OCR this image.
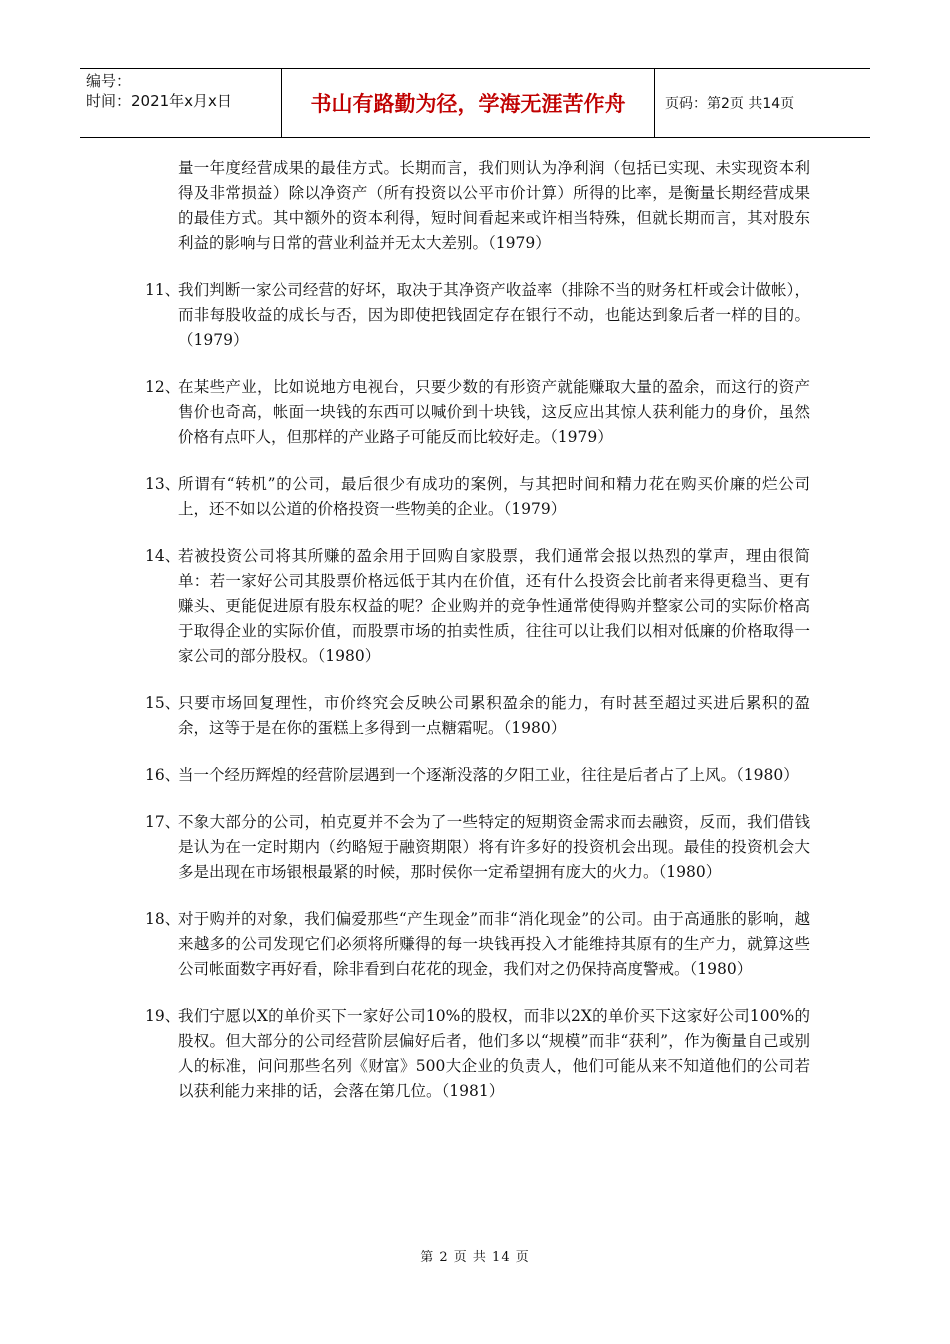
编号：
时间：2021年x月x日	书山有路勤为径，学海无涯苦作舟	页码：第2页 共14页
量一年度经营成果的最佳方式。长期而言，我们则认为净利润（包括已实现、未实现资本利得及非常损益）除以净资产（所有投资以公平市价计算）所得的比率，是衡量长期经营成果的最佳方式。其中额外的资本利得，短时间看起来或许相当特殊，但就长期而言，其对股东利益的影响与日常的营业利益并无太大差别。（1979）
11、
我们判断一家公司经营的好坏，取决于其净资产收益率（排除不当的财务杠杆或会计做帐），而非每股收益的成长与否，因为即使把钱固定存在银行不动，也能达到象后者一样的目的。（1979）
12、
在某些产业，比如说地方电视台，只要少数的有形资产就能赚取大量的盈余，而这行的资产售价也奇高，帐面一块钱的东西可以喊价到十块钱，这反应出其惊人获利能力的身价，虽然价格有点吓人，但那样的产业路子可能反而比较好走。（1979）
13、
所谓有“转机”的公司，最后很少有成功的案例，与其把时间和精力花在购买价廉的烂公司上，还不如以公道的价格投资一些物美的企业。（1979）
14、
若被投资公司将其所赚的盈余用于回购自家股票，我们通常会报以热烈的掌声，理由很简单：若一家好公司其股票价格远低于其内在价值，还有什么投资会比前者来得更稳当、更有赚头、更能促进原有股东权益的呢？企业购并的竞争性通常使得购并整家公司的实际价格高于取得企业的实际价值，而股票市场的拍卖性质，往往可以让我们以相对低廉的价格取得一家公司的部分股权。（1980）
15、
只要市场回复理性，市价终究会反映公司累积盈余的能力，有时甚至超过买进后累积的盈余，这等于是在你的蛋糕上多得到一点糖霜呢。（1980）
16、
当一个经历辉煌的经营阶层遇到一个逐渐没落的夕阳工业，往往是后者占了上风。（1980）
17、
不象大部分的公司，柏克夏并不会为了一些特定的短期资金需求而去融资，反而，我们借钱是认为在一定时期内（约略短于融资期限）将有许多好的投资机会出现。最佳的投资机会大多是出现在市场银根最紧的时候，那时侯你一定希望拥有庞大的火力。（1980）
18、
对于购并的对象，我们偏爱那些“产生现金”而非“消化现金”的公司。由于高通胀的影响，越来越多的公司发现它们必须将所赚得的每一块钱再投入才能维持其原有的生产力，就算这些公司帐面数字再好看，除非看到白花花的现金，我们对之仍保持高度警戒。（1980）
19、
我们宁愿以X的单价买下一家好公司10%的股权，而非以2X的单价买下这家好公司100%的股权。但大部分的公司经营阶层偏好后者，他们多以“规模”而非“获利”，作为衡量自己或别人的标准，问问那些名列《财富》500大企业的负责人，他们可能从来不知道他们的公司若以获利能力来排的话，会落在第几位。（1981）
第 2 页 共 14 页
